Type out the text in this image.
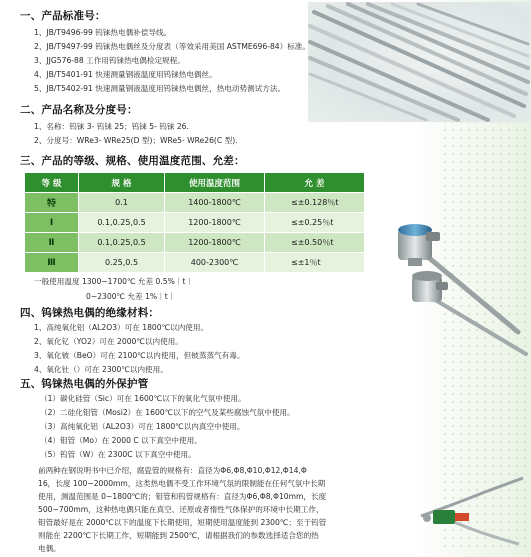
一、产品标准号：
1、JB/T9496-99 钨铼热电偶补偿导线。
2、JB/T9497-99 钨铼热电偶丝及分度表（等效采用美国 ASTME696-84）标准。
3、JJG576-88 工作用钨铼热电偶检定规程。
4、JB/T5401-91 快速测量钢液温度用钨铼热电偶丝。
5、JB/T5402-91 快速测量钢液温度用钨铼热电偶丝，热电动势测试方法。
二、产品名称及分度号：
1、名称：钨铼 3- 钨铼 25；钨铼 5- 钨铼 26.
2、分度号：WRe3- WRe25(D 型)；WRe5- WRe26(C 型).
三、产品的等级、规格、使用温度范围、允差：
等 级	规 格	使用温度范围	允 差
特	0.1	1400-1800℃	≤±0.128％t
Ⅰ	0.1,0.25,0.5	1200-1800℃	≤±0.25％t
Ⅱ	0.1,0.25,0.5	1200-1800℃	≤±0.50％t
Ⅲ	0.25,0.5	400-2300℃	≤±1％t
一般使用温度 1300~1700℃ 允差 0.5%｜t｜
0~2300℃ 允差 1%｜t｜
四、钨铼热电偶的绝缘材料：
1、高纯氧化铝（AL2O3）可在 1800℃以内使用。
2、氧化钇（YO2）可在 2000℃以内使用。
3、氧化铍（BeO）可在 2100℃以内使用，但铍蒸蒸气有毒。
4、氧化钍（）可在 2300℃以内使用。
五、钨铼热电偶的外保护管
（1）碳化硅管（Sic）可在 1600℃以下的氧化气氛中使用。
（2）二硅化钼管（Mosi2）在 1600℃以下的空气及某些腐蚀气氛中使用。
（3）高纯氧化铝（AL2O3）可在 1800℃以内真空中使用。
（4）钼管（Mo）在 2000 C 以下真空中使用。
（5）钨管（W）在 2300C 以下真空中使用。
前两种在钢说明书中已介绍，腐瓷管的规格有：直径为Φ6,Φ8,Φ10,Φ12,Φ14,Φ
16，长度 100~2000mm，这类热电偶不受工作环境气氛的限制能在任何气氛中长期
使用，测温范围是 0~1800℃的；钼管和钨管规格有：直径为Φ6,Φ8,Φ10mm，长度
500~700mm，这种热电偶只能在真空、还原或者惰性气体保护的环境中长期工作，
钼管最好是在 2000℃以下的温度下长期使用，短期使用温度能到 2300℃；至于钨管
则能在 2200℃下长期工作，短期能到 2500℃，请根据我们的参数选择适合您的热
电偶。
